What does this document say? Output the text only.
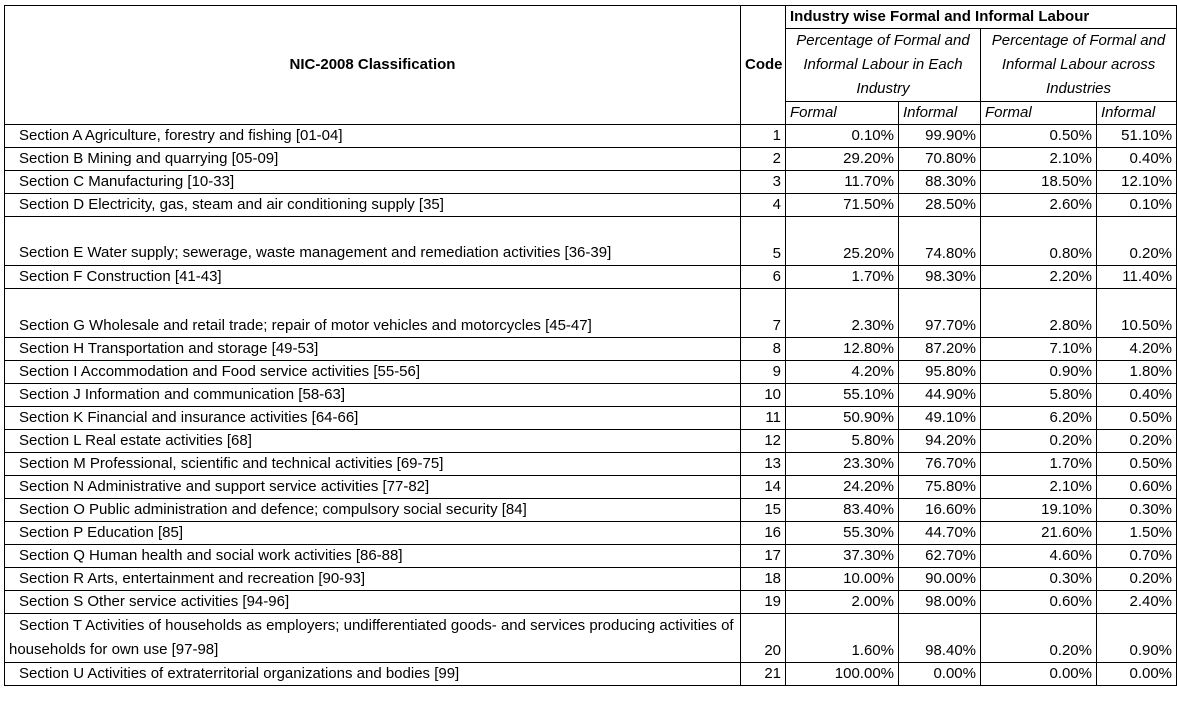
NIC-2008 Classification	Code	Industry wise Formal and Informal Labour			
		Percentage of Formal and Informal Labour in Each Industry		Percentage of Formal and Informal Labour across Industries	
		Formal	Informal	Formal	Informal
Section A Agriculture, forestry and fishing [01-04]	1	0.10%	99.90%	0.50%	51.10%
Section B Mining and quarrying [05-09]	2	29.20%	70.80%	2.10%	0.40%
Section C Manufacturing [10-33]	3	11.70%	88.30%	18.50%	12.10%
Section D Electricity, gas, steam and air conditioning supply [35]	4	71.50%	28.50%	2.60%	0.10%
Section E Water supply; sewerage, waste management and remediation activities [36-39]	5	25.20%	74.80%	0.80%	0.20%
Section F Construction [41-43]	6	1.70%	98.30%	2.20%	11.40%
Section G Wholesale and retail trade; repair of motor vehicles and motorcycles [45-47]	7	2.30%	97.70%	2.80%	10.50%
Section H Transportation and storage [49-53]	8	12.80%	87.20%	7.10%	4.20%
Section I Accommodation and Food service activities [55-56]	9	4.20%	95.80%	0.90%	1.80%
Section J Information and communication [58-63]	10	55.10%	44.90%	5.80%	0.40%
Section K Financial and insurance activities [64-66]	11	50.90%	49.10%	6.20%	0.50%
Section L Real estate activities [68]	12	5.80%	94.20%	0.20%	0.20%
Section M Professional, scientific and technical activities [69-75]	13	23.30%	76.70%	1.70%	0.50%
Section N Administrative and support service activities [77-82]	14	24.20%	75.80%	2.10%	0.60%
Section O Public administration and defence; compulsory social security [84]	15	83.40%	16.60%	19.10%	0.30%
Section P Education [85]	16	55.30%	44.70%	21.60%	1.50%
Section Q Human health and social work activities [86-88]	17	37.30%	62.70%	4.60%	0.70%
Section R Arts, entertainment and recreation [90-93]	18	10.00%	90.00%	0.30%	0.20%
Section S Other service activities [94-96]	19	2.00%	98.00%	0.60%	2.40%
Section T Activities of households as employers; undifferentiated goods- and services producing activities of households for own use [97-98]	20	1.60%	98.40%	0.20%	0.90%
Section U Activities of extraterritorial organizations and bodies [99]	21	100.00%	0.00%	0.00%	0.00%
